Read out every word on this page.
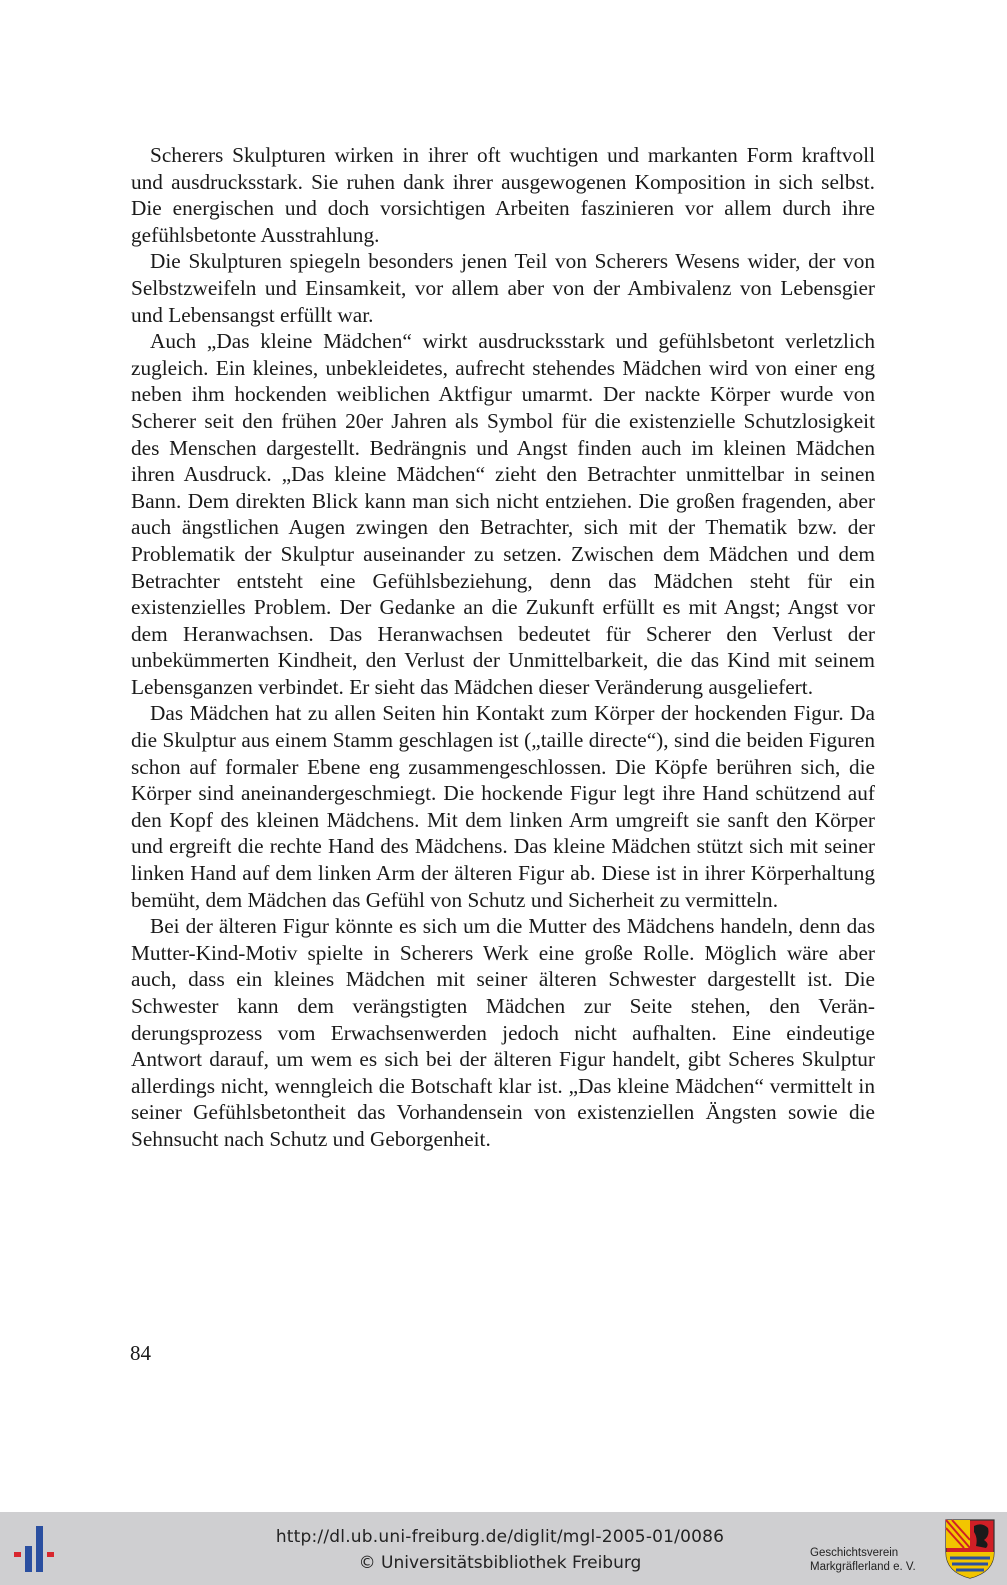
Scherers Skulpturen wirken in ihrer oft wuchtigen und markanten Form kraftvoll und ausdrucksstark. Sie ruhen dank ihrer ausgewogenen Komposition in sich selbst. Die energischen und doch vorsichtigen Arbeiten faszinieren vor allem durch ihre gefühlsbetonte Ausstrahlung.

Die Skulpturen spiegeln besonders jenen Teil von Scherers Wesens wider, der von Selbstzweifeln und Einsamkeit, vor allem aber von der Ambivalenz von Lebensgier und Lebensangst erfüllt war.

Auch „Das kleine Mädchen“ wirkt ausdrucksstark und gefühlsbetont verletzlich zugleich. Ein kleines, unbekleidetes, aufrecht stehendes Mädchen wird von einer eng neben ihm hockenden weiblichen Aktfigur umarmt. Der nackte Körper wurde von Scherer seit den frühen 20er Jahren als Symbol für die existenzielle Schutzlosigkeit des Menschen dargestellt. Bedrängnis und Angst finden auch im kleinen Mädchen ihren Ausdruck. „Das kleine Mädchen“ zieht den Betrachter unmittelbar in seinen Bann. Dem direkten Blick kann man sich nicht entziehen. Die großen fragenden, aber auch ängstlichen Augen zwingen den Betrachter, sich mit der Thematik bzw. der Problematik der Skulptur auseinander zu setzen. Zwischen dem Mädchen und dem Betrachter entsteht eine Gefühlsbeziehung, denn das Mädchen steht für ein existenzielles Problem. Der Gedanke an die Zukunft erfüllt es mit Angst; Angst vor dem Heranwachsen. Das Heranwachsen bedeutet für Scherer den Verlust der unbekümmerten Kindheit, den Verlust der Unmittelbarkeit, die das Kind mit seinem Lebensganzen verbindet. Er sieht das Mädchen dieser Veränderung ausgeliefert.

Das Mädchen hat zu allen Seiten hin Kontakt zum Körper der hockenden Figur. Da die Skulptur aus einem Stamm geschlagen ist („taille directe“), sind die beiden Figuren schon auf formaler Ebene eng zusammengeschlossen. Die Köpfe berühren sich, die Körper sind aneinandergeschmiegt. Die hockende Figur legt ihre Hand schützend auf den Kopf des kleinen Mädchens. Mit dem linken Arm umgreift sie sanft den Körper und ergreift die rechte Hand des Mädchens. Das kleine Mädchen stützt sich mit seiner linken Hand auf dem linken Arm der älteren Figur ab. Diese ist in ihrer Körperhaltung bemüht, dem Mädchen das Gefühl von Schutz und Sicherheit zu vermitteln.

Bei der älteren Figur könnte es sich um die Mutter des Mädchens handeln, denn das Mutter-Kind-Motiv spielte in Scherers Werk eine große Rolle. Möglich wäre aber auch, dass ein kleines Mädchen mit seiner älteren Schwester dargestellt ist. Die Schwester kann dem verängstigten Mädchen zur Seite stehen, den Veränderungsprozess vom Erwachsenwerden jedoch nicht aufhalten. Eine eindeutige Antwort darauf, um wem es sich bei der älteren Figur handelt, gibt Scheres Skulptur allerdings nicht, wenngleich die Botschaft klar ist. „Das kleine Mädchen“ vermittelt in seiner Gefühlsbetontheit das Vorhandensein von existenziellen Ängsten sowie die Sehnsucht nach Schutz und Geborgenheit.

84
http://dl.ub.uni-freiburg.de/diglit/mgl-2005-01/0086
© Universitätsbibliothek Freiburg	Geschichtsverein
Markgräflerland e. V.
